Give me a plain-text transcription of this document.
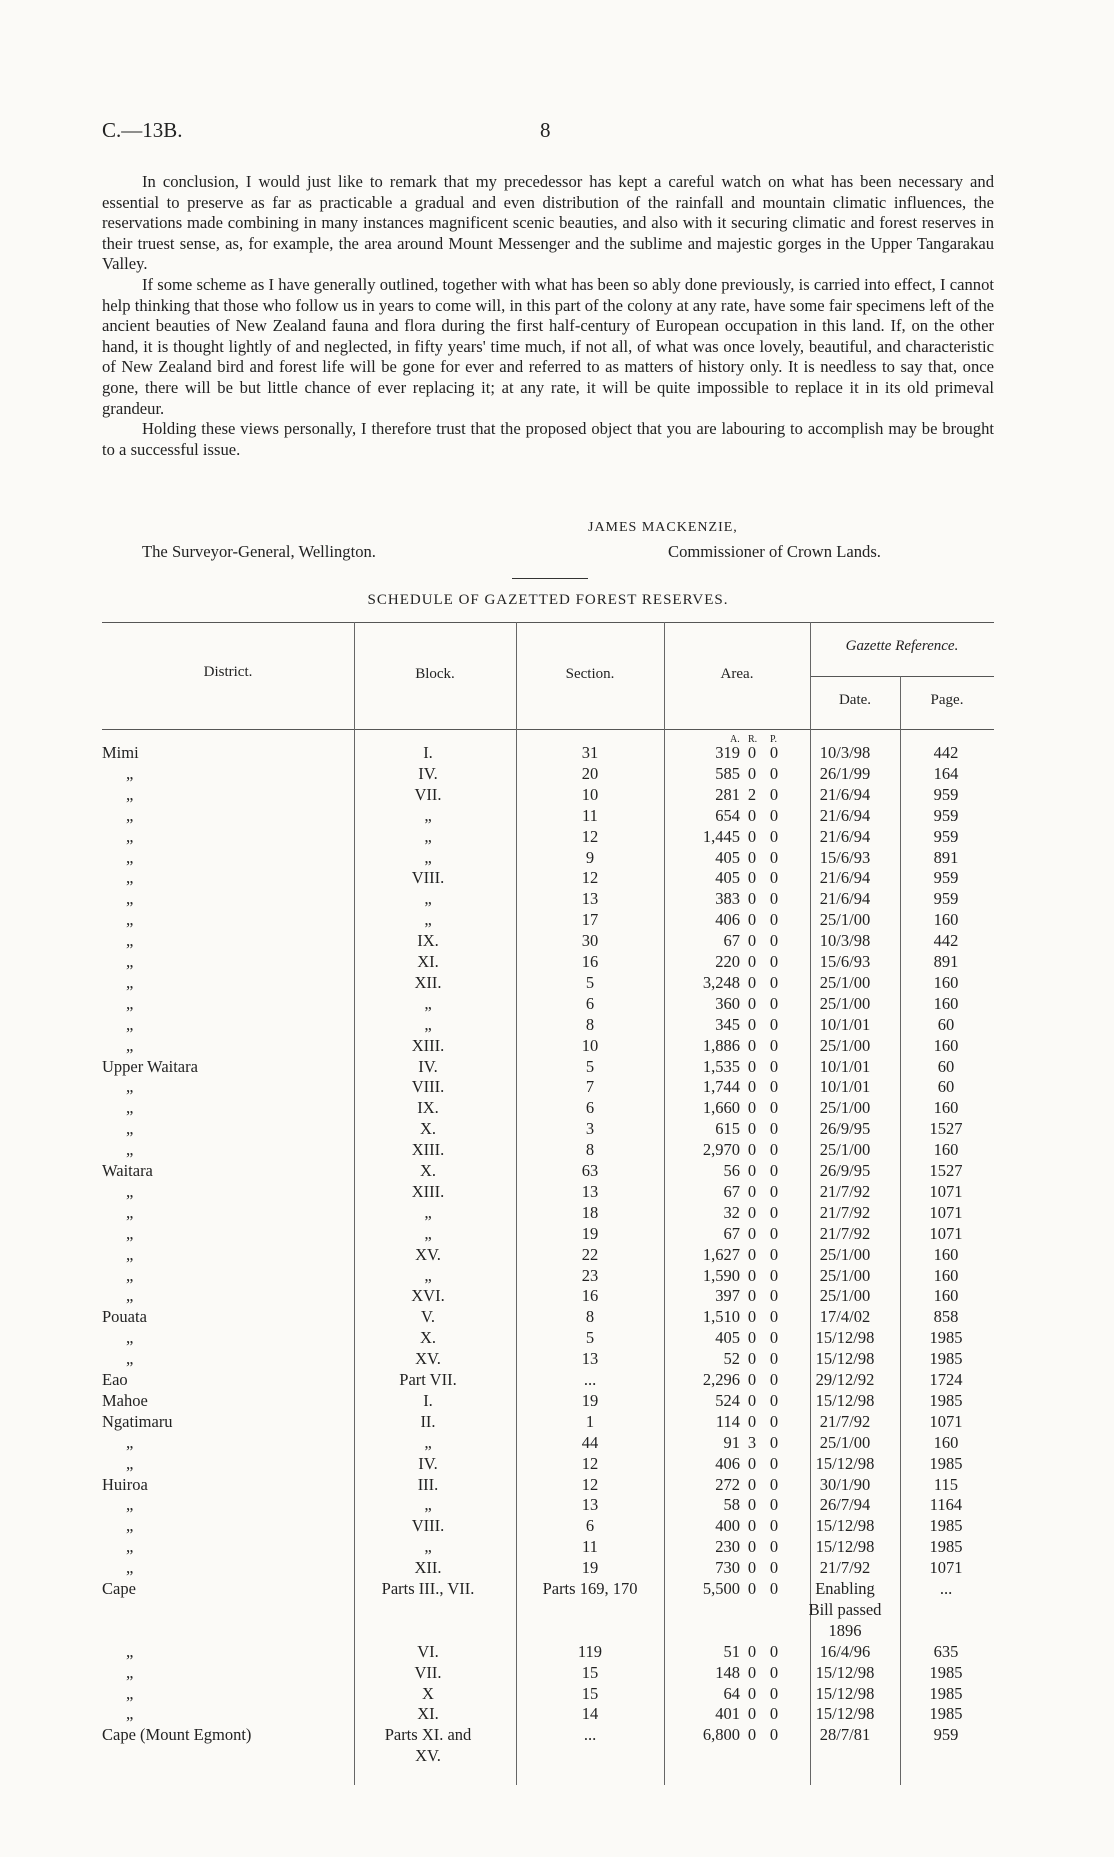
C.—13B.	8

In conclusion, I would just like to remark that my precedessor has kept a careful watch on what has been necessary and essential to preserve as far as practicable a gradual and even distribution of the rainfall and mountain climatic influences, the reservations made combining in many instances magnificent scenic beauties, and also with it securing climatic and forest reserves in their truest sense, as, for example, the area around Mount Messenger and the sublime and majestic gorges in the Upper Tangarakau Valley.

If some scheme as I have generally outlined, together with what has been so ably done previously, is carried into effect, I cannot help thinking that those who follow us in years to come will, in this part of the colony at any rate, have some fair specimens left of the ancient beauties of New Zealand fauna and flora during the first half-century of European occupation in this land. If, on the other hand, it is thought lightly of and neglected, in fifty years' time much, if not all, of what was once lovely, beautiful, and characteristic of New Zealand bird and forest life will be gone for ever and referred to as matters of history only. It is needless to say that, once gone, there will be but little chance of ever replacing it; at any rate, it will be quite impossible to replace it in its old primeval grandeur.

Holding these views personally, I therefore trust that the proposed object that you are labouring to accomplish may be brought to a successful issue.

JAMES MACKENZIE,
The Surveyor-General, Wellington.	Commissioner of Crown Lands.
SCHEDULE OF GAZETTED FOREST RESERVES.
District.	Block.	Section.	Area.
Gazette Reference.
Date.	Page.
A. R. P.
Mimi	I.	31	319 0 0	10/3/98	442
„	IV.	20	585 0 0	26/1/99	164
„	VII.	10	281 2 0	21/6/94	959
„	„	11	654 0 0	21/6/94	959
„	„	12	1,445 0 0	21/6/94	959
„	„	9	405 0 0	15/6/93	891
„	VIII.	12	405 0 0	21/6/94	959
„	„	13	383 0 0	21/6/94	959
„	„	17	406 0 0	25/1/00	160
„	IX.	30	67 0 0	10/3/98	442
„	XI.	16	220 0 0	15/6/93	891
„	XII.	5	3,248 0 0	25/1/00	160
„	„	6	360 0 0	25/1/00	160
„	„	8	345 0 0	10/1/01	60
„	XIII.	10	1,886 0 0	25/1/00	160
Upper Waitara	IV.	5	1,535 0 0	10/1/01	60
„	VIII.	7	1,744 0 0	10/1/01	60
„	IX.	6	1,660 0 0	25/1/00	160
„	X.	3	615 0 0	26/9/95	1527
„	XIII.	8	2,970 0 0	25/1/00	160
Waitara	X.	63	56 0 0	26/9/95	1527
„	XIII.	13	67 0 0	21/7/92	1071
„	„	18	32 0 0	21/7/92	1071
„	„	19	67 0 0	21/7/92	1071
„	XV.	22	1,627 0 0	25/1/00	160
„	„	23	1,590 0 0	25/1/00	160
„	XVI.	16	397 0 0	25/1/00	160
Pouata	V.	8	1,510 0 0	17/4/02	858
„	X.	5	405 0 0	15/12/98	1985
„	XV.	13	52 0 0	15/12/98	1985
Eao	Part VII.	...	2,296 0 0	29/12/92	1724
Mahoe	I.	19	524 0 0	15/12/98	1985
Ngatimaru	II.	1	114 0 0	21/7/92	1071
„	„	44	91 3 0	25/1/00	160
„	IV.	12	406 0 0	15/12/98	1985
Huiroa	III.	12	272 0 0	30/1/90	115
„	„	13	58 0 0	26/7/94	1164
„	VIII.	6	400 0 0	15/12/98	1985
„	„	11	230 0 0	15/12/98	1985
„	XII.	19	730 0 0	21/7/92	1071
Cape	Parts III., VII.	Parts 169, 170	5,500 0 0	Enabling	...
Bill passed
1896
„	VI.	119	51 0 0	16/4/96	635
„	VII.	15	148 0 0	15/12/98	1985
„	X	15	64 0 0	15/12/98	1985
„	XI.	14	401 0 0	15/12/98	1985
Cape (Mount Egmont)	Parts XI. and	...	6,800 0 0	28/7/81	959
XV.
